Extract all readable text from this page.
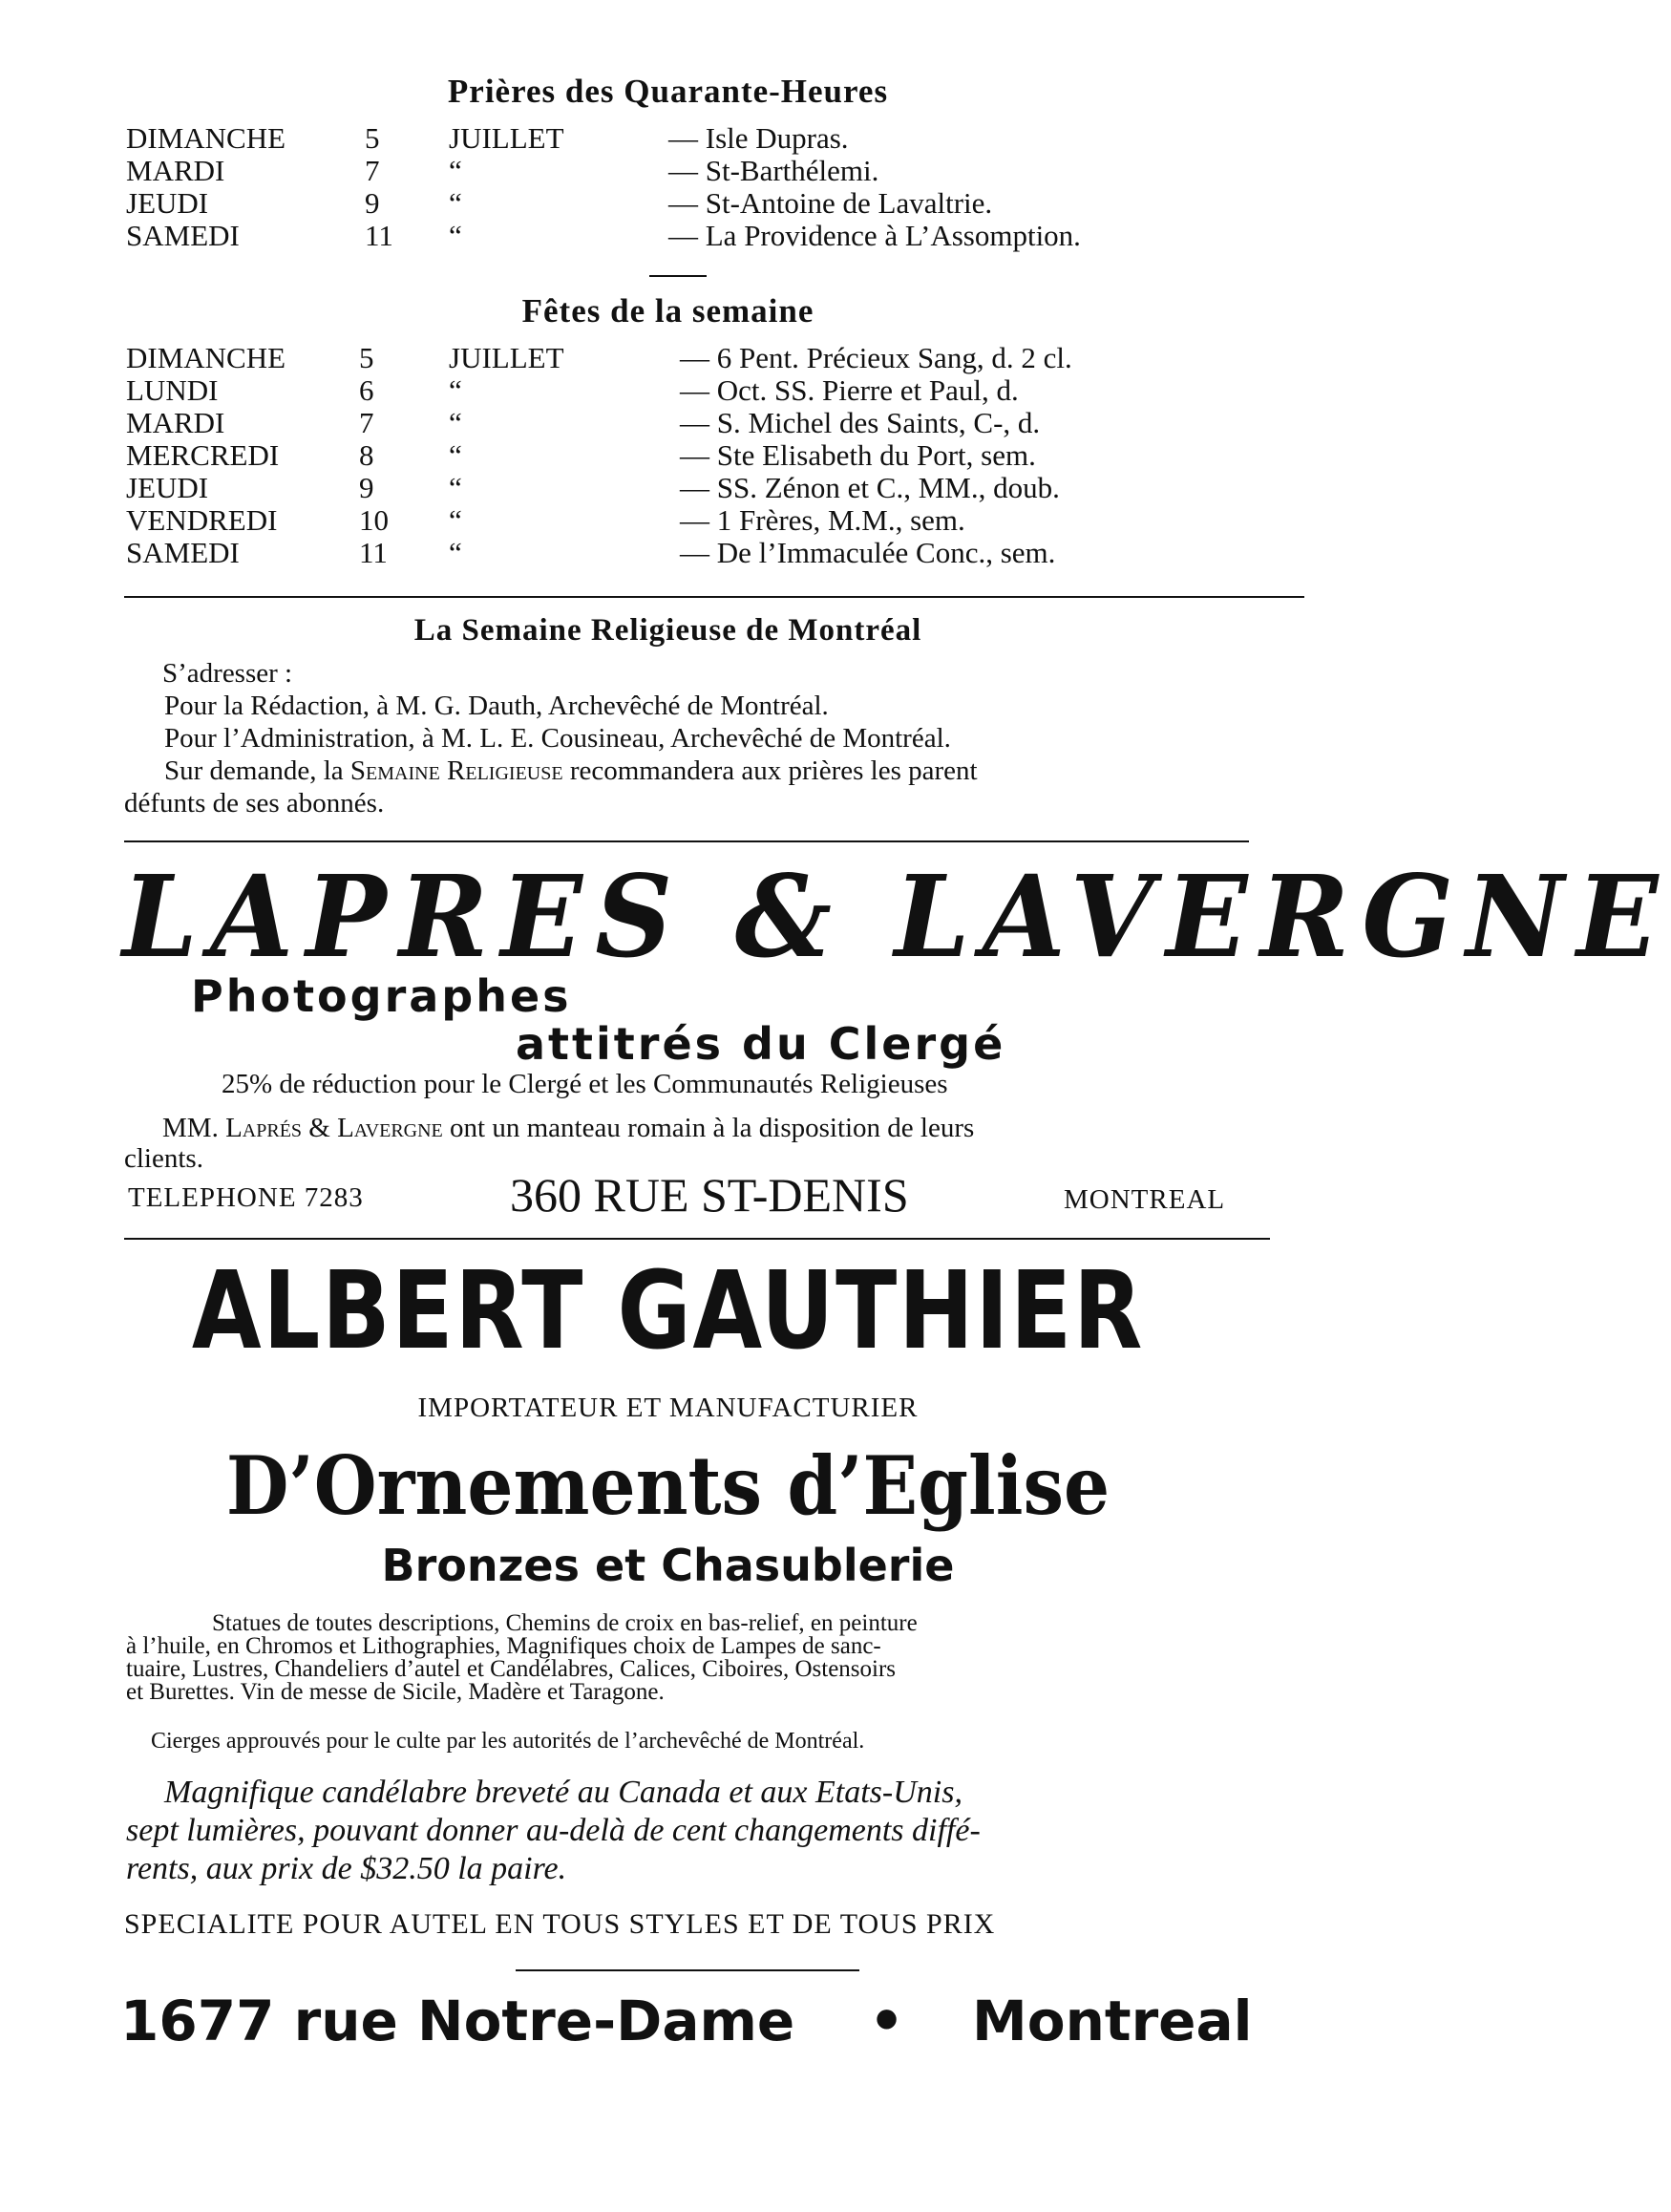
Prières des Quarante-Heures
DIMANCHE	5 JUILLET	— Isle Dupras.
MARDI	7 “	— St-Barthélemi.
JEUDI	9 “	— St-Antoine de Lavaltrie.
SAMEDI	11 “	— La Providence à L’Assomption.
Fêtes de la semaine
DIMANCHE 5	JUILLET	— 6 Pent. Précieux Sang, d. 2 cl.
LUNDI	6	“	— Oct. SS. Pierre et Paul, d.
MARDI	7	“	— S. Michel des Saints, C-, d.
MERCREDI	8	“	— Ste Elisabeth du Port, sem.
JEUDI	9	“	— SS. Zénon et C., MM., doub.
VENDREDI	10 “	— 1 Frères, M.M., sem.
SAMEDI	11 “	— De l’Immaculée Conc., sem.
La Semaine Religieuse de Montréal
S’adresser :
Pour la Rédaction, à M. G. Dauth, Archevêché de Montréal.
Pour l’Administration, à M. L. E. Cousineau, Archevêché de Montréal.
Sur demande, la Semaine Religieuse recommandera aux prières les parent
défunts de ses abonnés.
LAPRES & LAVERGNE
Photographes
attitrés du Clergé
25% de réduction pour le Clergé et les Communautés Religieuses
MM. Laprés & Lavergne ont un manteau romain à la disposition de leurs
clients.
TELEPHONE 7283	360 RUE ST-DENIS	MONTREAL
ALBERT GAUTHIER
IMPORTATEUR ET MANUFACTURIER
D’Ornements d’Eglise
Bronzes et Chasublerie
Statues de toutes descriptions, Chemins de croix en bas-relief, en peinture
à l’huile, en Chromos et Lithographies, Magnifiques choix de Lampes de sanc-
tuaire, Lustres, Chandeliers d’autel et Candélabres, Calices, Ciboires, Ostensoirs
et Burettes. Vin de messe de Sicile, Madère et Taragone.
Cierges approuvés pour le culte par les autorités de l’archevêché de Montréal.
Magnifique candélabre breveté au Canada et aux Etats-Unis,
sept lumières, pouvant donner au-delà de cent changements diffé-
rents, aux prix de $32.50 la paire.
SPECIALITE POUR AUTEL EN TOUS STYLES ET DE TOUS PRIX
1677 rue Notre-Dame • Montreal
